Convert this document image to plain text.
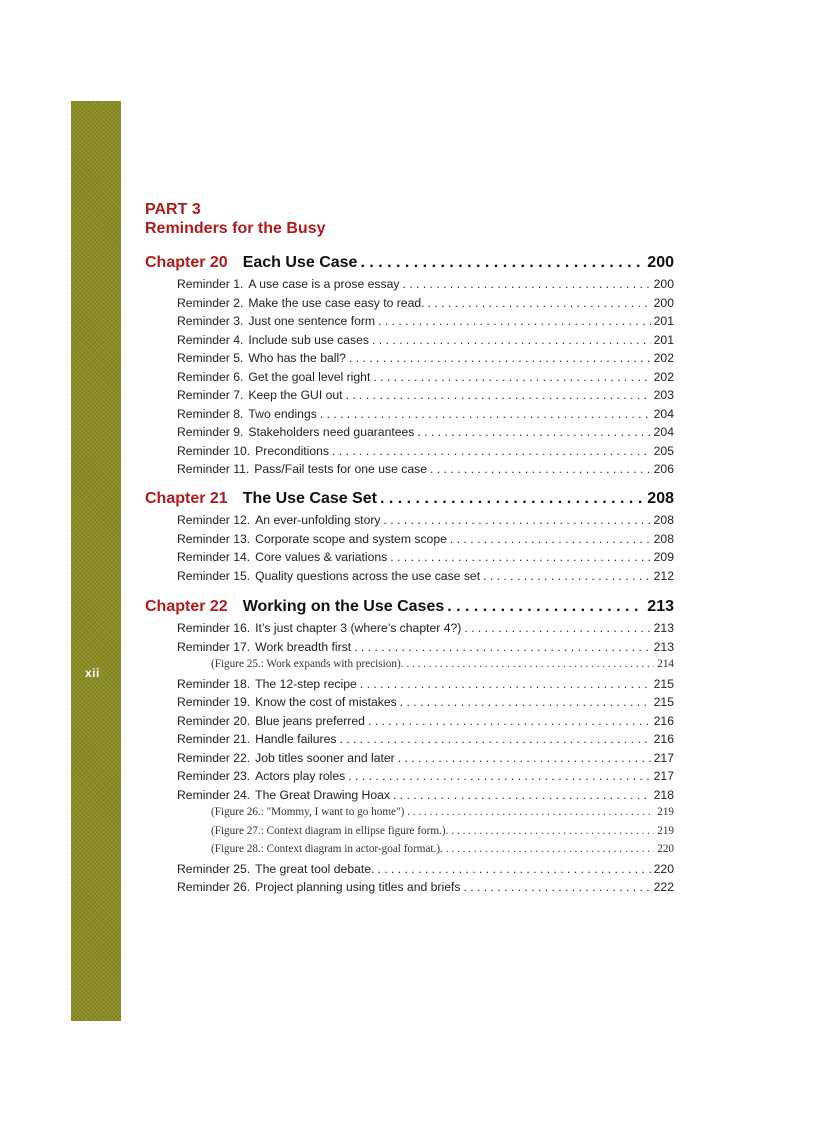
xii
PART 3
Reminders for the Busy
Chapter 20 Each Use Case . . .	200
Reminder 1. A use case is a prose essay . . .	200
Reminder 2. Make the use case easy to read. . . .	200
Reminder 3. Just one sentence form . . .	201
Reminder 4. Include sub use cases . . .	201
Reminder 5. Who has the ball? . . .	202
Reminder 6. Get the goal level right . . .	202
Reminder 7. Keep the GUI out . . .	203
Reminder 8. Two endings . . .	204
Reminder 9. Stakeholders need guarantees . . .	204
Reminder 10. Preconditions . . .	205
Reminder 11. Pass/Fail tests for one use case . . .	206
Chapter 21 The Use Case Set . . .	208
Reminder 12. An ever-unfolding story . . .	208
Reminder 13. Corporate scope and system scope . . .	208
Reminder 14. Core values & variations . . .	209
Reminder 15. Quality questions across the use case set . . .	212
Chapter 22 Working on the Use Cases . . .	213
Reminder 16. It’s just chapter 3 (where’s chapter 4?) . . .	213
Reminder 17. Work breadth first . . .	213
(Figure 25.: Work expands with precision). . . .	214
Reminder 18. The 12-step recipe . . .	215
Reminder 19. Know the cost of mistakes . . .	215
Reminder 20. Blue jeans preferred . . .	216
Reminder 21. Handle failures . . .	216
Reminder 22. Job titles sooner and later . . .	217
Reminder 23. Actors play roles . . .	217
Reminder 24. The Great Drawing Hoax . . .	218
(Figure 26.: "Mommy, I want to go home") . . .	219
(Figure 27.: Context diagram in ellipse figure form.). . . .	219
(Figure 28.: Context diagram in actor-goal format.). . . .	220
Reminder 25. The great tool debate. . . .	220
Reminder 26. Project planning using titles and briefs . . .	222
